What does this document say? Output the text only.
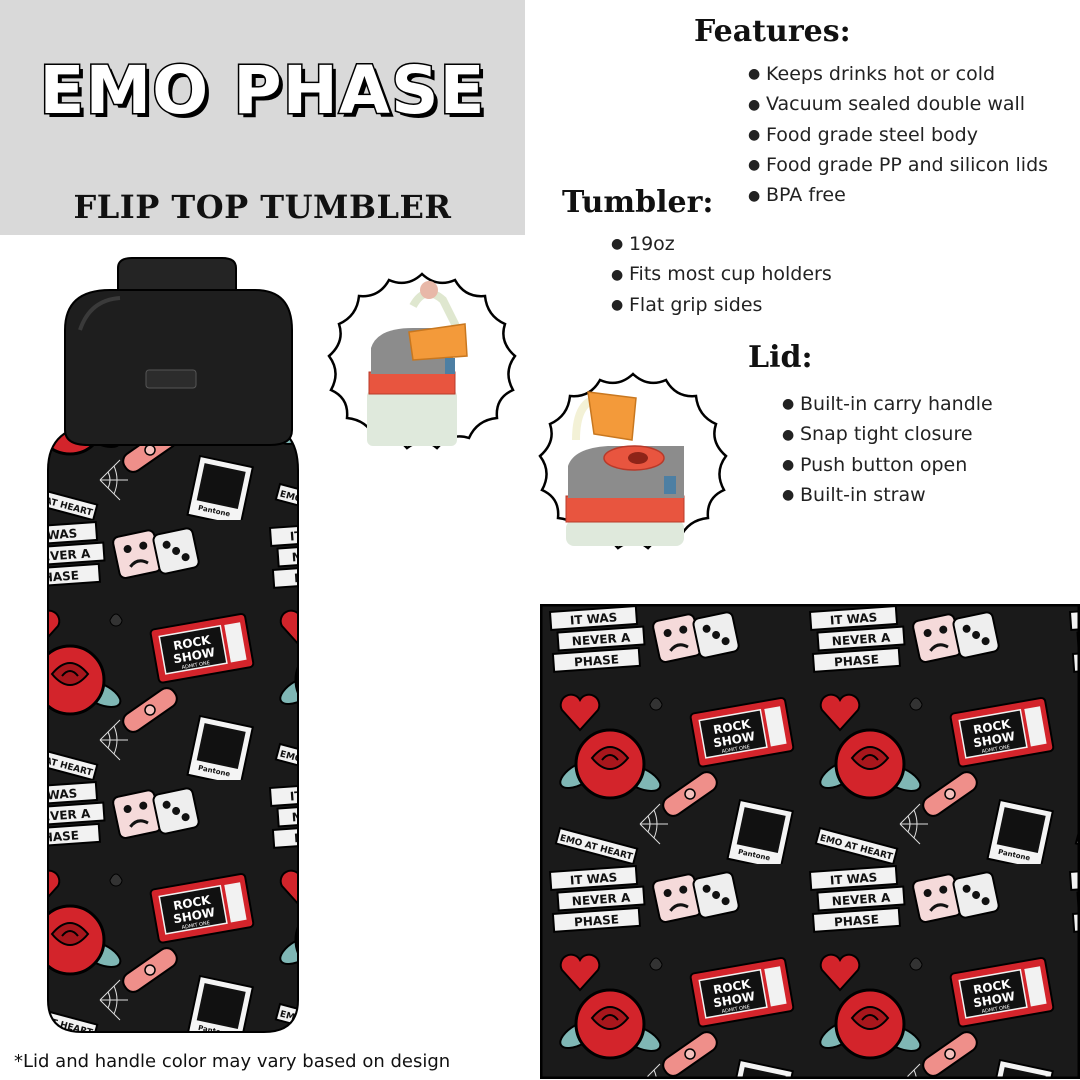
EMO PHASE
FLIP TOP TUMBLER
Features:
● Keeps drinks hot or cold
● Vacuum sealed double wall
● Food grade steel body
● Food grade PP and silicon lids
● BPA free
Tumbler:
● 19oz
● Fits most cup holders
● Flat grip sides
Lid:
● Built-in carry handle
● Snap tight closure
● Push button open
● Built-in straw
*Lid and handle color may vary based on design
